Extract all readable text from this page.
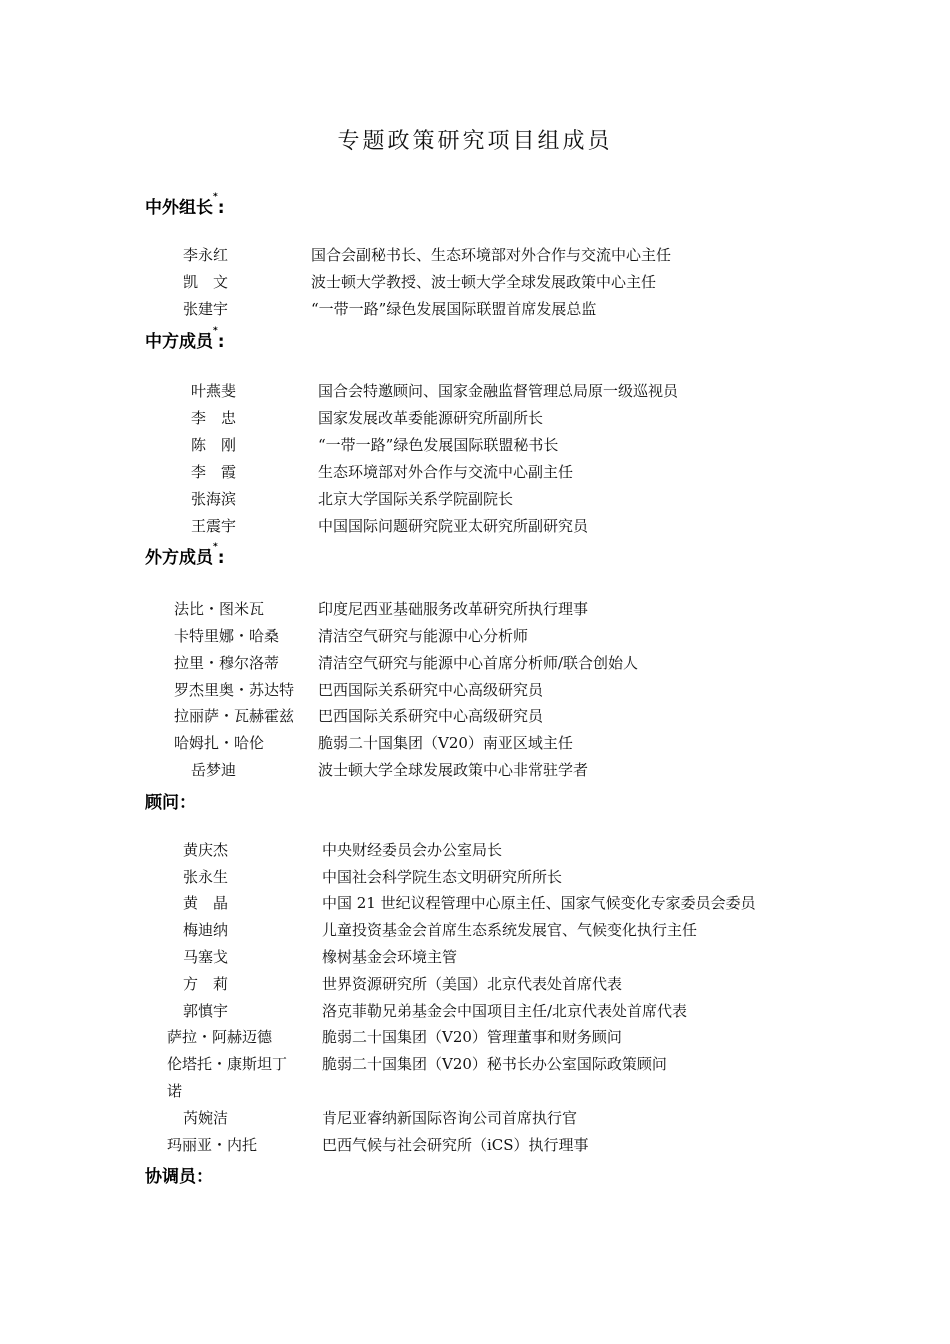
专题政策研究项目组成员
中外组长*:
李永红	国合会副秘书长、生态环境部对外合作与交流中心主任
凯　文	波士顿大学教授、波士顿大学全球发展政策中心主任
张建宇	“一带一路”绿色发展国际联盟首席发展总监
中方成员*:
叶燕斐	国合会特邀顾问、国家金融监督管理总局原一级巡视员
李　忠	国家发展改革委能源研究所副所长
陈　刚	“一带一路”绿色发展国际联盟秘书长
李　霞	生态环境部对外合作与交流中心副主任
张海滨	北京大学国际关系学院副院长
王震宇	中国国际问题研究院亚太研究所副研究员
外方成员*:
法比・图米瓦	印度尼西亚基础服务改革研究所执行理事
卡特里娜・哈桑	清洁空气研究与能源中心分析师
拉里・穆尔洛蒂	清洁空气研究与能源中心首席分析师/联合创始人
罗杰里奥・苏达特 巴西国际关系研究中心高级研究员
拉丽萨・瓦赫霍兹 巴西国际关系研究中心高级研究员
哈姆扎・哈伦	脆弱二十国集团（V20）南亚区域主任
岳梦迪	波士顿大学全球发展政策中心非常驻学者
顾问：
黄庆杰	中央财经委员会办公室局长
张永生	中国社会科学院生态文明研究所所长
黄　晶	中国 21 世纪议程管理中心原主任、国家气候变化专家委员会委员
梅迪纳	儿童投资基金会首席生态系统发展官、气候变化执行主任
马塞戈	橡树基金会环境主管
方　莉	世界资源研究所（美国）北京代表处首席代表
郭慎宇	洛克菲勒兄弟基金会中国项目主任/北京代表处首席代表
萨拉・阿赫迈德	脆弱二十国集团（V20）管理董事和财务顾问
伦塔托・康斯坦丁 脆弱二十国集团（V20）秘书长办公室国际政策顾问
诺
芮婉洁	肯尼亚睿纳新国际咨询公司首席执行官
玛丽亚・内托	巴西气候与社会研究所（iCS）执行理事
协调员：
